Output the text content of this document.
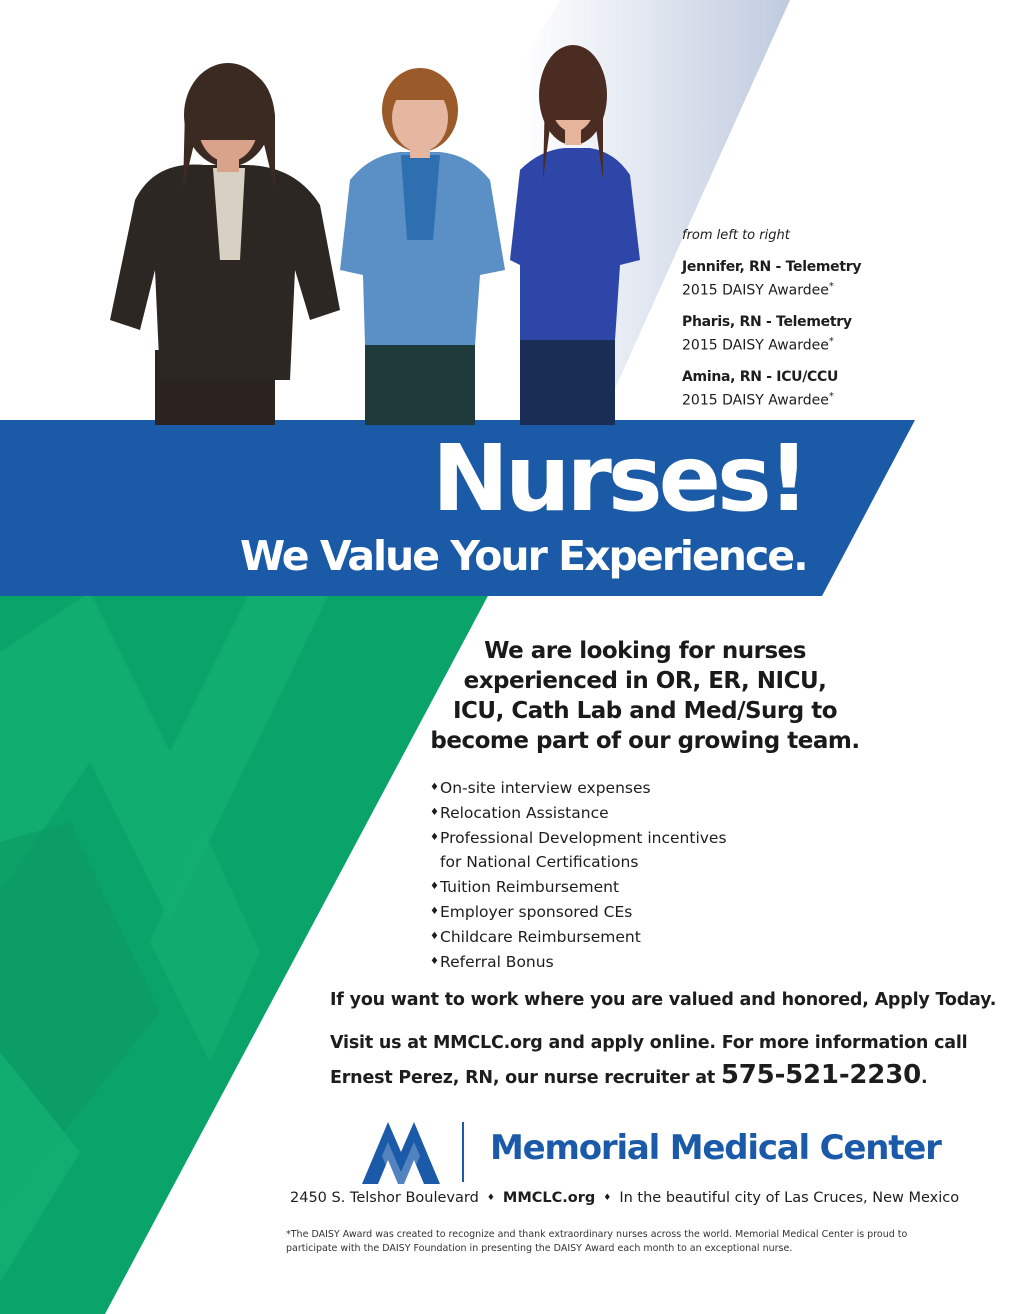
from left to right
Jennifer, RN - Telemetry
2015 DAISY Awardee*
Pharis, RN - Telemetry
2015 DAISY Awardee*
Amina, RN - ICU/CCU
2015 DAISY Awardee*
Nurses!
We Value Your Experience.
We are looking for nurses
experienced in OR, ER, NICU,
ICU, Cath Lab and Med/Surg to
become part of our growing team.
♦ On-site interview expenses
♦ Relocation Assistance
♦ Professional Development incentives
for National Certifications
♦ Tuition Reimbursement
♦ Employer sponsored CEs
♦ Childcare Reimbursement
♦ Referral Bonus
If you want to work where you are valued and honored, Apply Today.
Visit us at MMCLC.org and apply online. For more information call
Ernest Perez, RN, our nurse recruiter at 575-521-2230.
Memorial Medical Center
2450 S. Telshor Boulevard ♦ MMCLC.org ♦ In the beautiful city of Las Cruces, New Mexico
*The DAISY Award was created to recognize and thank extraordinary nurses across the world. Memorial Medical Center is proud to participate with the DAISY Foundation in presenting the DAISY Award each month to an exceptional nurse.
